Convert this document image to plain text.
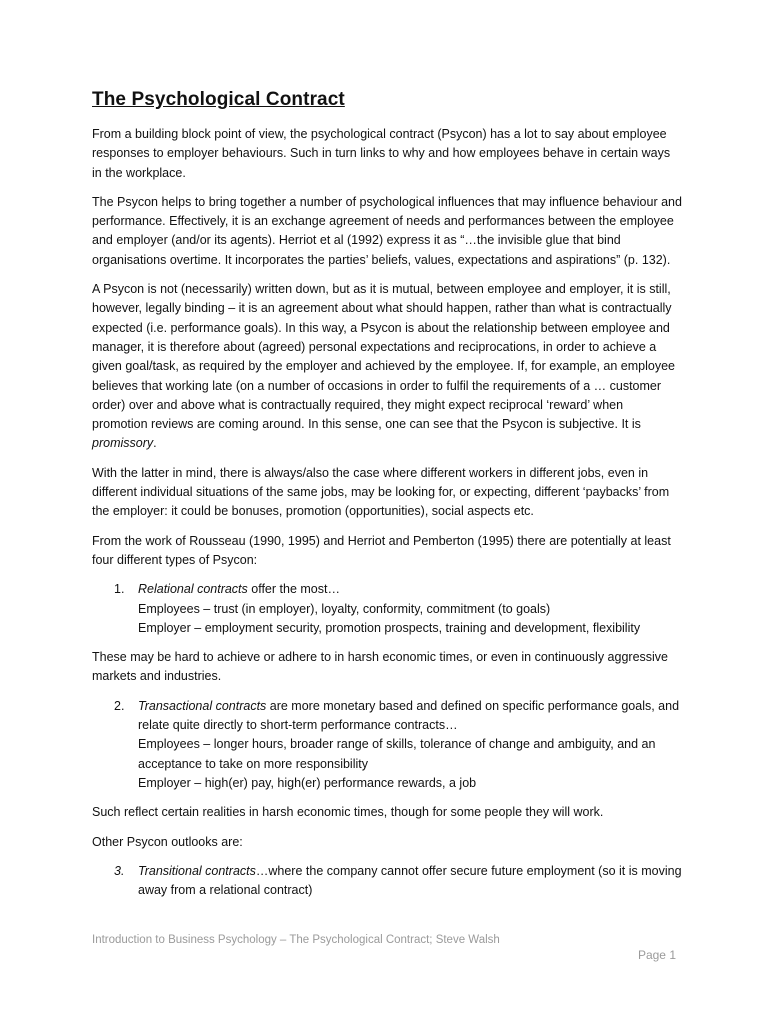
The Psychological Contract

From a building block point of view, the psychological contract (Psycon) has a lot to say about employee responses to employer behaviours. Such in turn links to why and how employees behave in certain ways in the workplace.

The Psycon helps to bring together a number of psychological influences that may influence behaviour and performance. Effectively, it is an exchange agreement of needs and performances between the employee and employer (and/or its agents). Herriot et al (1992) express it as “…the invisible glue that bind organisations overtime. It incorporates the parties’ beliefs, values, expectations and aspirations” (p. 132).

A Psycon is not (necessarily) written down, but as it is mutual, between employee and employer, it is still, however, legally binding – it is an agreement about what should happen, rather than what is contractually expected (i.e. performance goals). In this way, a Psycon is about the relationship between employee and manager, it is therefore about (agreed) personal expectations and reciprocations, in order to achieve a given goal/task, as required by the employer and achieved by the employee. If, for example, an employee believes that working late (on a number of occasions in order to fulfil the requirements of a … customer order) over and above what is contractually required, they might expect reciprocal ‘reward’ when promotion reviews are coming around. In this sense, one can see that the Psycon is subjective. It is promissory.

With the latter in mind, there is always/also the case where different workers in different jobs, even in different individual situations of the same jobs, may be looking for, or expecting, different ‘paybacks’ from the employer: it could be bonuses, promotion (opportunities), social aspects etc.

From the work of Rousseau (1990, 1995) and Herriot and Pemberton (1995) there are potentially at least four different types of Psycon:

1. Relational contracts offer the most…
Employees – trust (in employer), loyalty, conformity, commitment (to goals)
Employer – employment security, promotion prospects, training and development, flexibility

These may be hard to achieve or adhere to in harsh economic times, or even in continuously aggressive markets and industries.

2. Transactional contracts are more monetary based and defined on specific performance goals, and relate quite directly to short-term performance contracts…
Employees – longer hours, broader range of skills, tolerance of change and ambiguity, and an acceptance to take on more responsibility
Employer – high(er) pay, high(er) performance rewards, a job

Such reflect certain realities in harsh economic times, though for some people they will work.

Other Psycon outlooks are:

3. Transitional contracts…where the company cannot offer secure future employment (so it is moving away from a relational contract)
Introduction to Business Psychology – The Psychological Contract; Steve Walsh
Page 1
